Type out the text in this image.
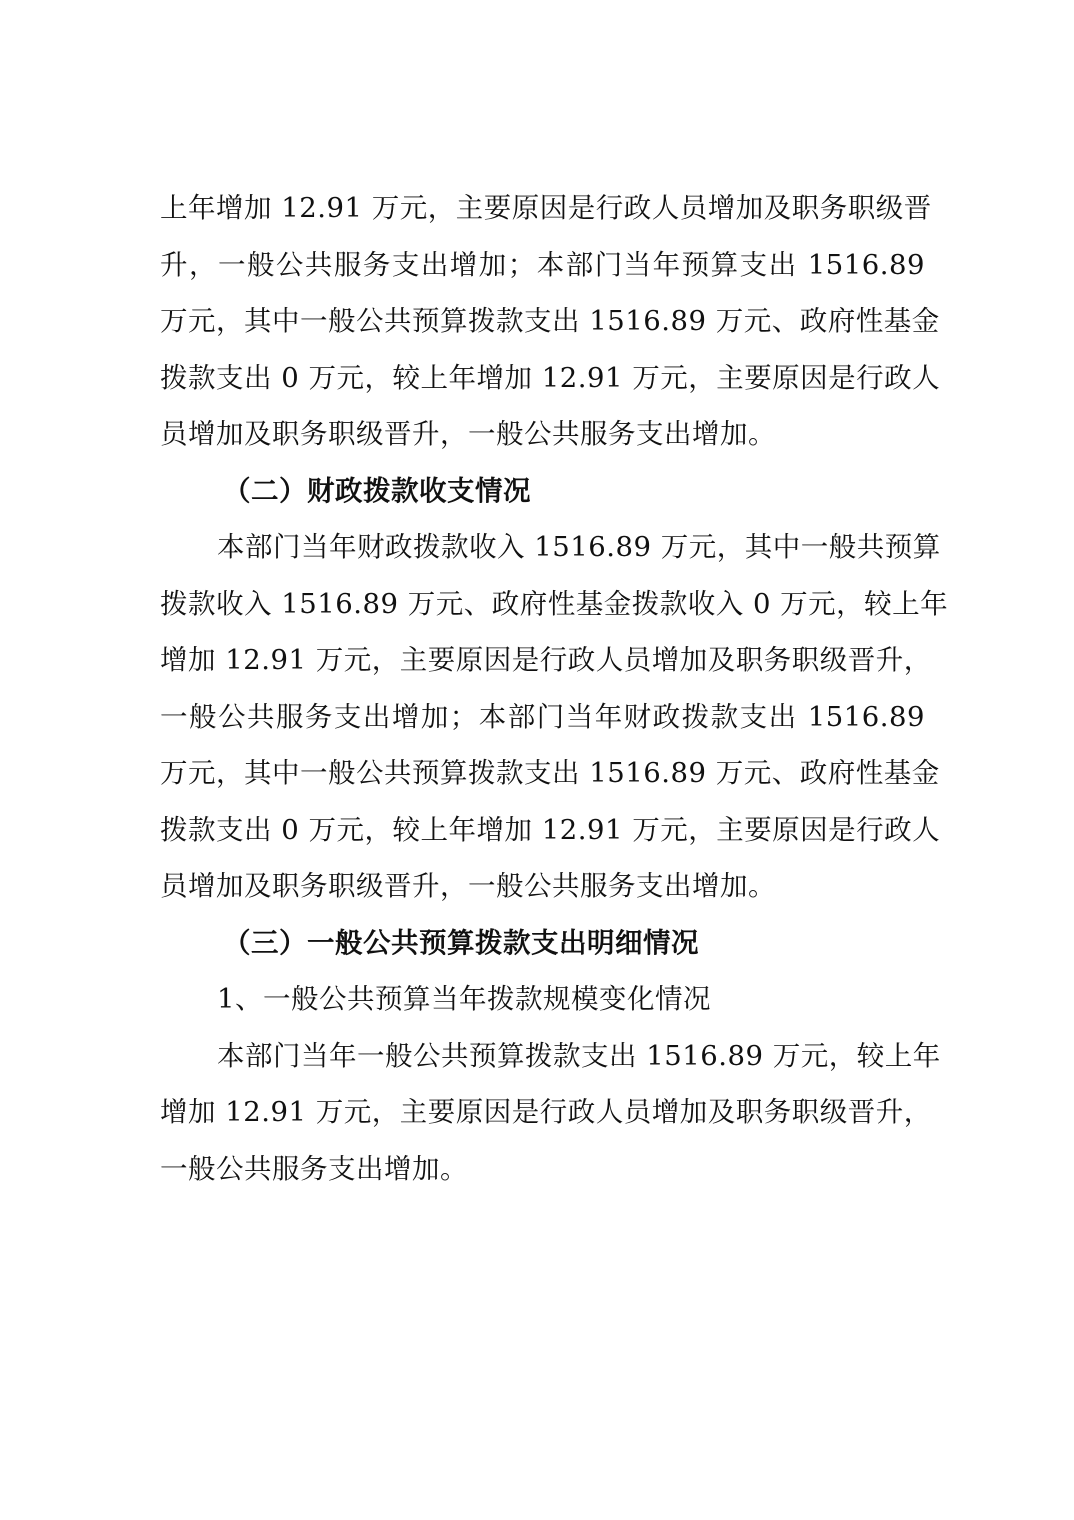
上年增加 12.91 万元，主要原因是行政人员增加及职务职级晋
升，一般公共服务支出增加；本部门当年预算支出 1516.89
万元，其中一般公共预算拨款支出 1516.89 万元、政府性基金
拨款支出 0 万元，较上年增加 12.91 万元，主要原因是行政人
员增加及职务职级晋升，一般公共服务支出增加。
（二）财政拨款收支情况
本部门当年财政拨款收入 1516.89 万元，其中一般共预算
拨款收入 1516.89 万元、政府性基金拨款收入 0 万元，较上年
增加 12.91 万元，主要原因是行政人员增加及职务职级晋升，
一般公共服务支出增加；本部门当年财政拨款支出 1516.89
万元，其中一般公共预算拨款支出 1516.89 万元、政府性基金
拨款支出 0 万元，较上年增加 12.91 万元，主要原因是行政人
员增加及职务职级晋升，一般公共服务支出增加。
（三）一般公共预算拨款支出明细情况
1、一般公共预算当年拨款规模变化情况
本部门当年一般公共预算拨款支出 1516.89 万元，较上年
增加 12.91 万元，主要原因是行政人员增加及职务职级晋升，
一般公共服务支出增加。
